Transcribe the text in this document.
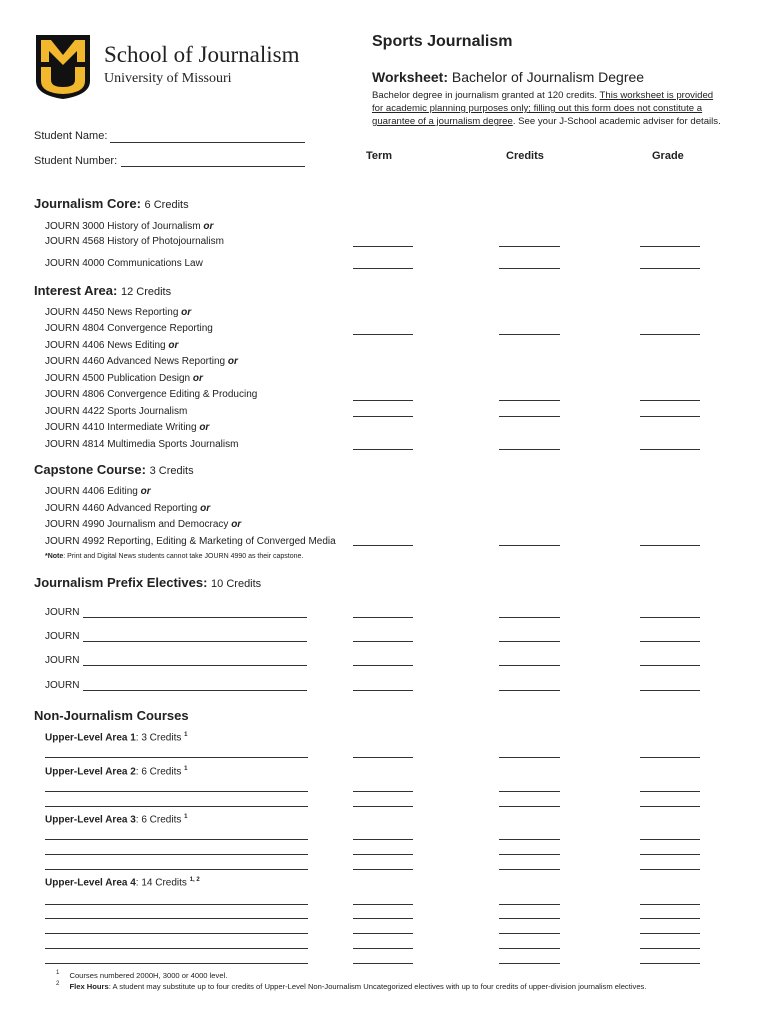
School of Journalism
University of Missouri
Sports Journalism
Worksheet: Bachelor of Journalism Degree
Bachelor degree in journalism granted at 120 credits. This worksheet is provided
for academic planning purposes only; filling out this form does not constitute a
guarantee of a journalism degree. See your J-School academic adviser for details.
Student Name:
Student Number:	Term	Credits	Grade
Journalism Core: 6 Credits
JOURN 3000 History of Journalism or
JOURN 4568 History of Photojournalism
JOURN 4000 Communications Law
Interest Area: 12 Credits
JOURN 4450 News Reporting or
JOURN 4804 Convergence Reporting
JOURN 4406 News Editing or
JOURN 4460 Advanced News Reporting or
JOURN 4500 Publication Design or
JOURN 4806 Convergence Editing & Producing
JOURN 4422 Sports Journalism
JOURN 4410 Intermediate Writing or
JOURN 4814 Multimedia Sports Journalism
Capstone Course: 3 Credits
JOURN 4406 Editing or
JOURN 4460 Advanced Reporting or
JOURN 4990 Journalism and Democracy or
JOURN 4992 Reporting, Editing & Marketing of Converged Media
*Note: Print and Digital News students cannot take JOURN 4990 as their capstone.
Journalism Prefix Electives: 10 Credits
JOURN
JOURN
JOURN
JOURN
Non-Journalism Courses
Upper-Level Area 1: 3 Credits $^1$
Upper-Level Area 2: 6 Credits $^1$
Upper-Level Area 3: 6 Credits $^1$
Upper-Level Area 4: 14 Credits $^{1, 2}$
$^1$ Courses numbered 2000H, 3000 or 4000 level.
$^2$ Flex Hours: A student may substitute up to four credits of Upper-Level Non-Journalism Uncategorized electives with up to four credits of upper-division journalism electives.
